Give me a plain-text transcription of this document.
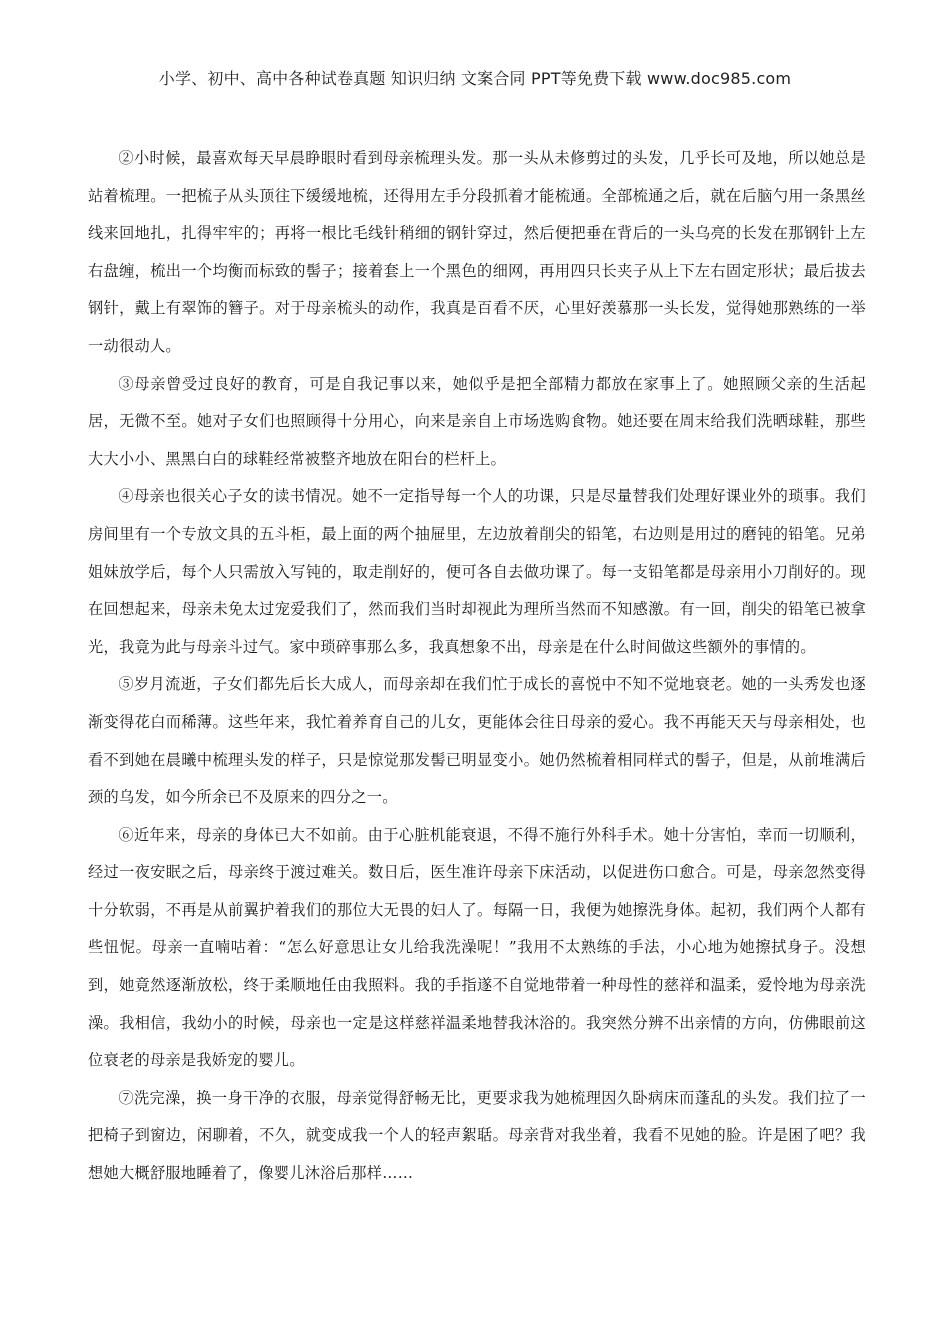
小学、初中、高中各种试卷真题 知识归纳 文案合同 PPT等免费下载 www.doc985.com

②小时候，最喜欢每天早晨睁眼时看到母亲梳理头发。那一头从未修剪过的头发，几乎长可及地，所以她总是站着梳理。一把梳子从头顶往下缓缓地梳，还得用左手分段抓着才能梳通。全部梳通之后，就在后脑勺用一条黑丝线来回地扎，扎得牢牢的；再将一根比毛线针稍细的钢针穿过，然后便把垂在背后的一头乌亮的长发在那钢针上左右盘缠，梳出一个均衡而标致的髻子；接着套上一个黑色的细网，再用四只长夹子从上下左右固定形状；最后拔去钢针，戴上有翠饰的簪子。对于母亲梳头的动作，我真是百看不厌，心里好羡慕那一头长发，觉得她那熟练的一举一动很动人。

③母亲曾受过良好的教育，可是自我记事以来，她似乎是把全部精力都放在家事上了。她照顾父亲的生活起居，无微不至。她对子女们也照顾得十分用心，向来是亲自上市场选购食物。她还要在周末给我们洗晒球鞋，那些大大小小、黑黑白白的球鞋经常被整齐地放在阳台的栏杆上。

④母亲也很关心子女的读书情况。她不一定指导每一个人的功课，只是尽量替我们处理好课业外的琐事。我们房间里有一个专放文具的五斗柜，最上面的两个抽屉里，左边放着削尖的铅笔，右边则是用过的磨钝的铅笔。兄弟姐妹放学后，每个人只需放入写钝的，取走削好的，便可各自去做功课了。每一支铅笔都是母亲用小刀削好的。现在回想起来，母亲未免太过宠爱我们了，然而我们当时却视此为理所当然而不知感激。有一回，削尖的铅笔已被拿光，我竟为此与母亲斗过气。家中琐碎事那么多，我真想象不出，母亲是在什么时间做这些额外的事情的。

⑤岁月流逝，子女们都先后长大成人，而母亲却在我们忙于成长的喜悦中不知不觉地衰老。她的一头秀发也逐渐变得花白而稀薄。这些年来，我忙着养育自己的儿女，更能体会往日母亲的爱心。我不再能天天与母亲相处，也看不到她在晨曦中梳理头发的样子，只是惊觉那发髻已明显变小。她仍然梳着相同样式的髻子，但是，从前堆满后颈的乌发，如今所余已不及原来的四分之一。

⑥近年来，母亲的身体已大不如前。由于心脏机能衰退，不得不施行外科手术。她十分害怕，幸而一切顺利，经过一夜安眠之后，母亲终于渡过难关。数日后，医生准许母亲下床活动，以促进伤口愈合。可是，母亲忽然变得十分软弱，不再是从前翼护着我们的那位大无畏的妇人了。每隔一日，我便为她擦洗身体。起初，我们两个人都有些忸怩。母亲一直喃咕着：“怎么好意思让女儿给我洗澡呢！”我用不太熟练的手法，小心地为她擦拭身子。没想到，她竟然逐渐放松，终于柔顺地任由我照料。我的手指遂不自觉地带着一种母性的慈祥和温柔，爱怜地为母亲洗澡。我相信，我幼小的时候，母亲也一定是这样慈祥温柔地替我沐浴的。我突然分辨不出亲情的方向，仿佛眼前这位衰老的母亲是我娇宠的婴儿。

⑦洗完澡，换一身干净的衣服，母亲觉得舒畅无比，更要求我为她梳理因久卧病床而蓬乱的头发。我们拉了一把椅子到窗边，闲聊着，不久，就变成我一个人的轻声絮聒。母亲背对我坐着，我看不见她的脸。许是困了吧？我想她大概舒服地睡着了，像婴儿沐浴后那样……
